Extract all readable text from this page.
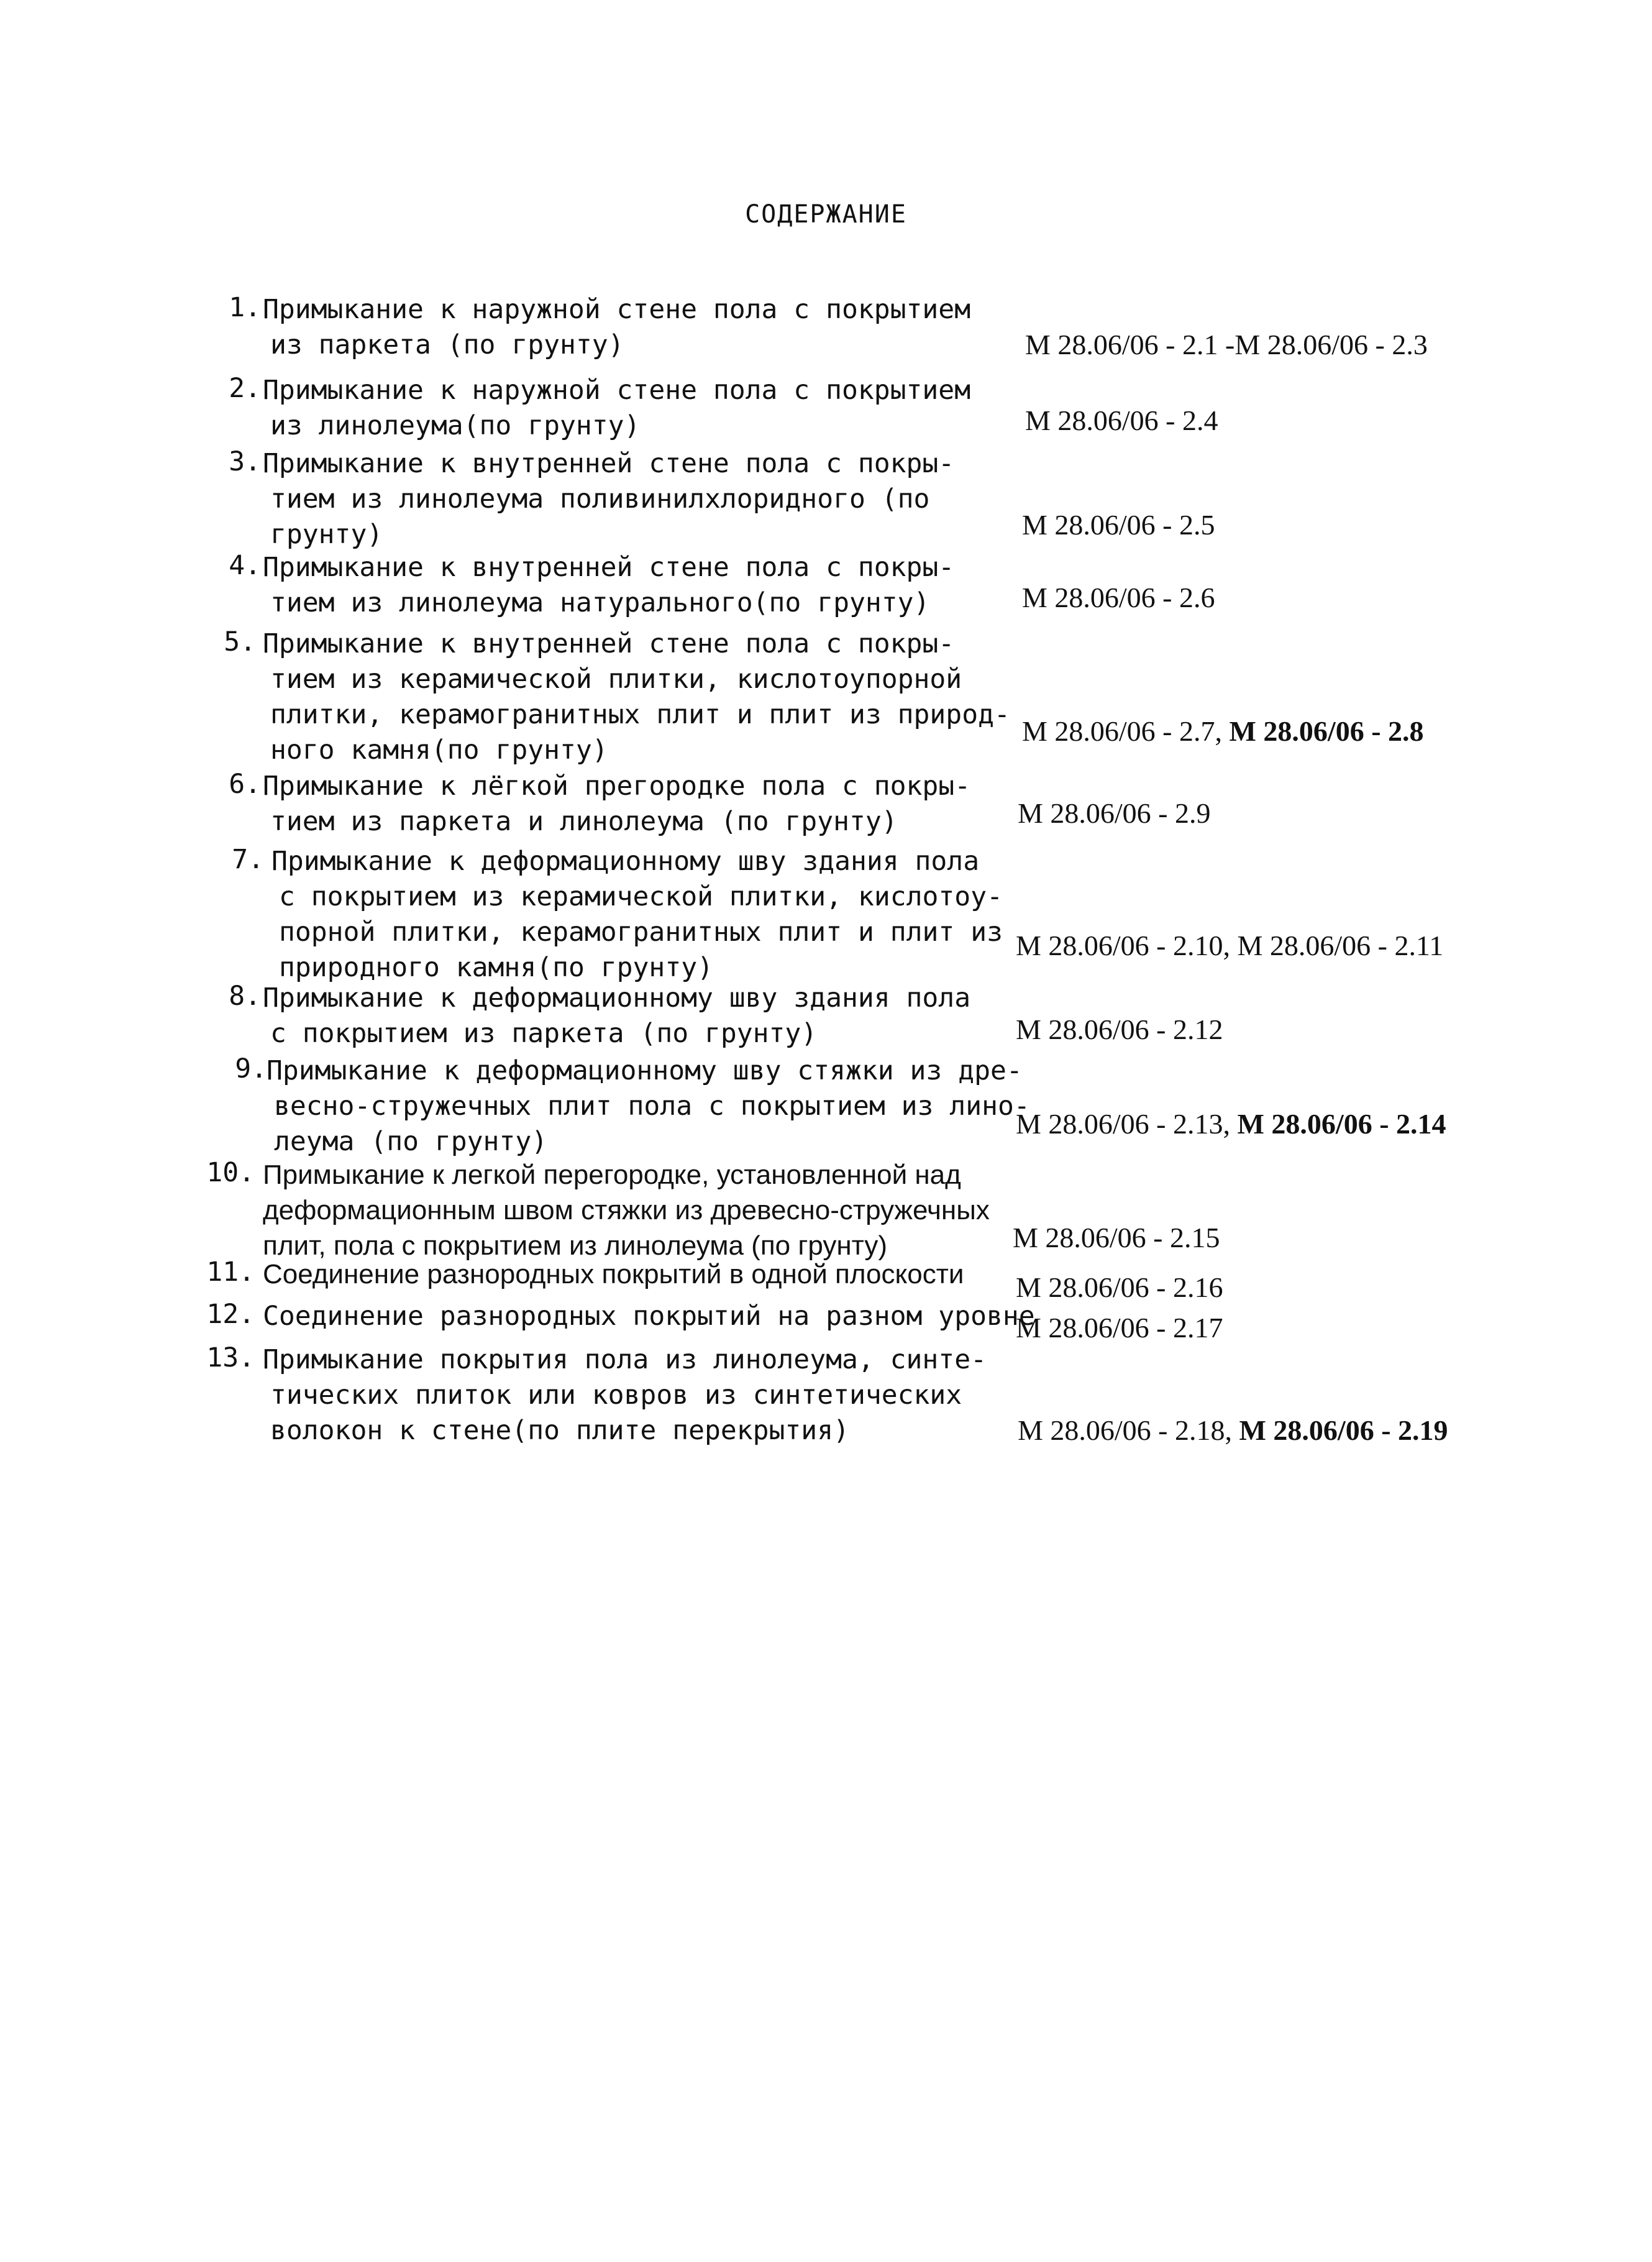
СОДЕРЖАНИЕ
1. Примыкание к наружной стене пола с покрытием
из паркета (по грунту)	М 28.06/06 - 2.1 -М 28.06/06 - 2.3
2. Примыкание к наружной стене пола с покрытием
из линолеума(по грунту)	М 28.06/06 - 2.4
3. Примыкание к внутренней стене пола с покры-
тием из линолеума поливинилхлоридного (по
грунту)	М 28.06/06 - 2.5
4. Примыкание к внутренней стене пола с покры-
тием из линолеума натурального(по грунту)	М 28.06/06 - 2.6
5. Примыкание к внутренней стене пола с покры-
тием из керамической плитки, кислотоупорной
плитки, керамогранитных плит и плит из природ-
ного камня(по грунту)
М 28.06/06 - 2.7, М 28.06/06 - 2.8
6. Примыкание к лёгкой прегородке пола с покры-
тием из паркета и линолеума (по грунту)	М 28.06/06 - 2.9
7. Примыкание к деформационному шву здания пола
с покрытием из керамической плитки, кислотоу-
порной плитки, керамогранитных плит и плит из
природного камня(по грунту)
М 28.06/06 - 2.10, М 28.06/06 - 2.11
8. Примыкание к деформационному шву здания пола
с покрытием из паркета (по грунту)	М 28.06/06 - 2.12
9. Примыкание к деформационному шву стяжки из дре-
весно-стружечных плит пола с покрытием из лино-
леума (по грунту)
М 28.06/06 - 2.13, М 28.06/06 - 2.14
10. Примыкание к легкой перегородке, установленной над
деформационным швом стяжки из древесно-стружечных
плит, пола с покрытием из линолеума (по грунту)	М 28.06/06 - 2.15
11. Соединение разнородных покрытий в одной плоскости	М 28.06/06 - 2.16
12. Соединение разнородных покрытий на разном уровне
М 28.06/06 - 2.17
13. Примыкание покрытия пола из линолеума, синте-
тических плиток или ковров из синтетических
волокон к стене(по плите перекрытия)	М 28.06/06 - 2.18, М 28.06/06 - 2.19
